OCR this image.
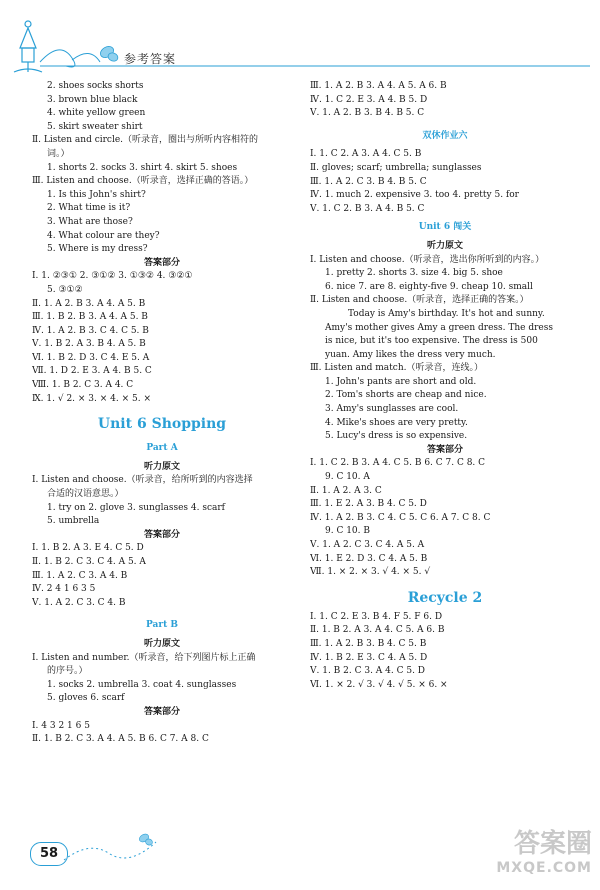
参考答案
2. shoes socks shorts
3. brown blue black
4. white yellow green
5. skirt sweater shirt
Ⅱ. Listen and circle.（听录音，圈出与所听内容相符的
词。）
1. shorts 2. socks 3. shirt 4. skirt 5. shoes
Ⅲ. Listen and choose.（听录音，选择正确的答语。）
1. Is this John's shirt?
2. What time is it?
3. What are those?
4. What colour are they?
5. Where is my dress?
答案部分
Ⅰ. 1. ②③① 2. ③①② 3. ①③② 4. ③②①
5. ③①②
Ⅱ. 1. A 2. B 3. A 4. A 5. B
Ⅲ. 1. B 2. B 3. A 4. A 5. B
Ⅳ. 1. A 2. B 3. C 4. C 5. B
Ⅴ. 1. B 2. A 3. B 4. A 5. B
Ⅵ. 1. B 2. D 3. C 4. E 5. A
Ⅶ. 1. D 2. E 3. A 4. B 5. C
Ⅷ. 1. B 2. C 3. A 4. C
Ⅸ. 1. √ 2. × 3. × 4. × 5. ×
Unit 6 Shopping
Part A
听力原文
Ⅰ. Listen and choose.（听录音，给所听到的内容选择
合适的汉语意思。）
1. try on 2. glove 3. sunglasses 4. scarf
5. umbrella
答案部分
Ⅰ. 1. B 2. A 3. E 4. C 5. D
Ⅱ. 1. B 2. C 3. C 4. A 5. A
Ⅲ. 1. A 2. C 3. A 4. B
Ⅳ. 2 4 1 6 3 5
Ⅴ. 1. A 2. C 3. C 4. B
Part B
听力原文
Ⅰ. Listen and number.（听录音，给下列图片标上正确
的序号。）
1. socks 2. umbrella 3. coat 4. sunglasses
5. gloves 6. scarf
答案部分
Ⅰ. 4 3 2 1 6 5
Ⅱ. 1. B 2. C 3. A 4. A 5. B 6. C 7. A 8. C
Ⅲ. 1. A 2. B 3. A 4. A 5. A 6. B
Ⅳ. 1. C 2. E 3. A 4. B 5. D
Ⅴ. 1. A 2. B 3. B 4. B 5. C
双休作业六
Ⅰ. 1. C 2. A 3. A 4. C 5. B
Ⅱ. gloves; scarf; umbrella; sunglasses
Ⅲ. 1. A 2. C 3. B 4. B 5. C
Ⅳ. 1. much 2. expensive 3. too 4. pretty 5. for
Ⅴ. 1. C 2. B 3. A 4. B 5. C
Unit 6 闯关
听力原文
Ⅰ. Listen and choose.（听录音，选出你所听到的内容。）
1. pretty 2. shorts 3. size 4. big 5. shoe
6. nice 7. are 8. eighty-five 9. cheap 10. small
Ⅱ. Listen and choose.（听录音，选择正确的答案。）
Today is Amy's birthday. It's hot and sunny.
Amy's mother gives Amy a green dress. The dress
is nice, but it's too expensive. The dress is 500
yuan. Amy likes the dress very much.
Ⅲ. Listen and match.（听录音，连线。）
1. John's pants are short and old.
2. Tom's shorts are cheap and nice.
3. Amy's sunglasses are cool.
4. Mike's shoes are very pretty.
5. Lucy's dress is so expensive.
答案部分
Ⅰ. 1. C 2. B 3. A 4. C 5. B 6. C 7. C 8. C
9. C 10. A
Ⅱ. 1. A 2. A 3. C
Ⅲ. 1. E 2. A 3. B 4. C 5. D
Ⅳ. 1. A 2. B 3. C 4. C 5. C 6. A 7. C 8. C
9. C 10. B
Ⅴ. 1. A 2. C 3. C 4. A 5. A
Ⅵ. 1. E 2. D 3. C 4. A 5. B
Ⅶ. 1. × 2. × 3. √ 4. × 5. √
Recycle 2
Ⅰ. 1. C 2. E 3. B 4. F 5. F 6. D
Ⅱ. 1. B 2. A 3. A 4. C 5. A 6. B
Ⅲ. 1. A 2. B 3. B 4. C 5. B
Ⅳ. 1. B 2. E 3. C 4. A 5. D
Ⅴ. 1. B 2. C 3. A 4. C 5. D
Ⅵ. 1. × 2. √ 3. √ 4. √ 5. × 6. ×
58	答案圈
MXQE.COM
